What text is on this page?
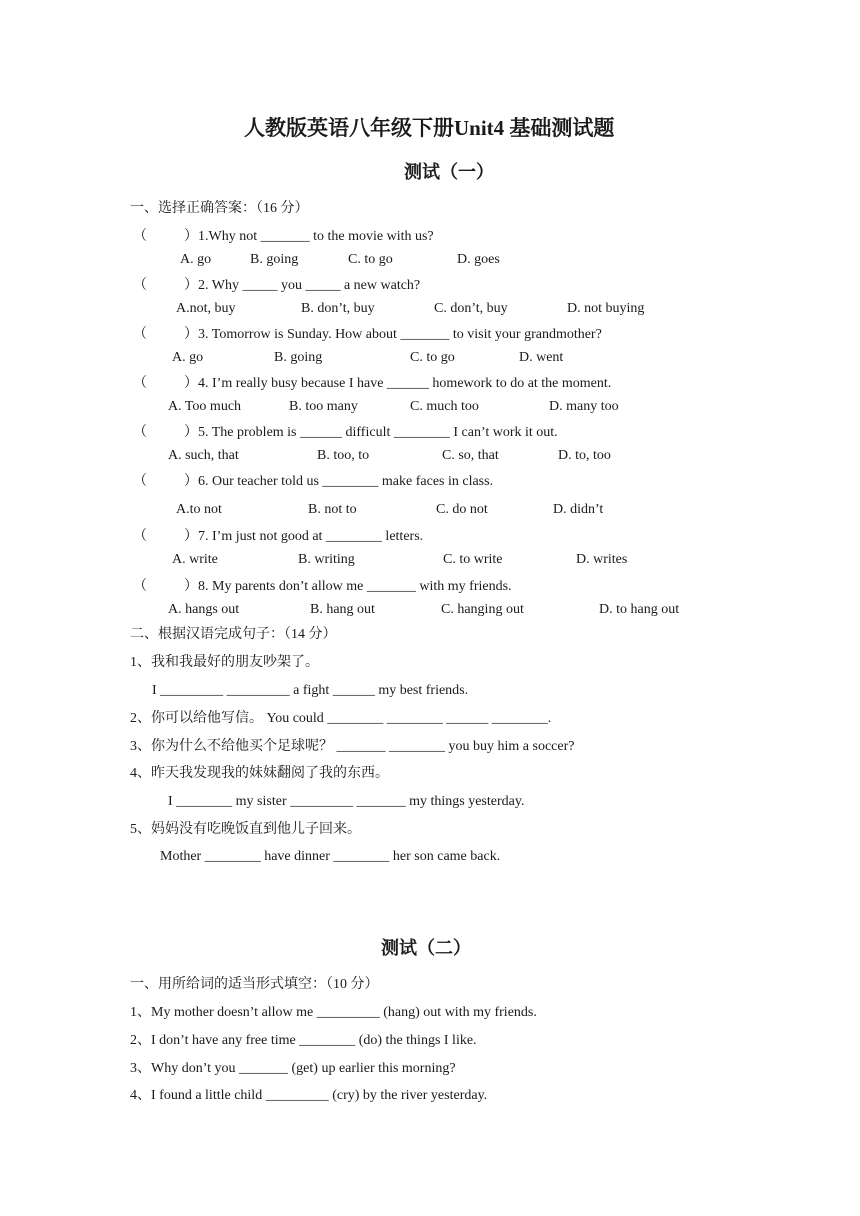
人教版英语八年级下册Unit4 基础测试题
测试（一）
一、选择正确答案：（16 分）
（	）1.Why not _______ to the movie with us?
A. go	B. going	C. to go	D. goes
（	）2. Why _____ you _____ a new watch?
A.not, buy	B. don’t, buy	C. don’t, buy	D. not buying
（	）3. Tomorrow is Sunday. How about _______ to visit your grandmother?
A. go	B. going	C. to go	D. went
（	）4. I’m really busy because I have ______ homework to do at the moment.
A. Too much	B. too many	C. much too	D. many too
（	）5. The problem is ______ difficult ________ I can’t work it out.
A. such, that	B. too, to	C. so, that	D. to, too
（	）6. Our teacher told us ________ make faces in class.
A.to not	B. not to	C. do not	D. didn’t
（	）7. I’m just not good at ________ letters.
A. write	B. writing	C. to write	D. writes
（	）8. My parents don’t allow me _______ with my friends.
A. hangs out	B. hang out	C. hanging out	D. to hang out
二、根据汉语完成句子：（14 分）
1、我和我最好的朋友吵架了。
I _________ _________ a fight ______ my best friends.
2、你可以给他写信。 You could ________ ________ ______ ________.
3、你为什么不给他买个足球呢？ _______ ________ you buy him a soccer?
4、昨天我发现我的妹妹翻阅了我的东西。
I ________ my sister _________ _______ my things yesterday.
5、妈妈没有吃晚饭直到他儿子回来。
Mother ________ have dinner ________ her son came back.
测试（二）
一、用所给词的适当形式填空：（10 分）
1、My mother doesn’t allow me _________ (hang) out with my friends.
2、I don’t have any free time ________ (do) the things I like.
3、Why don’t you _______ (get) up earlier this morning?
4、I found a little child _________ (cry) by the river yesterday.
